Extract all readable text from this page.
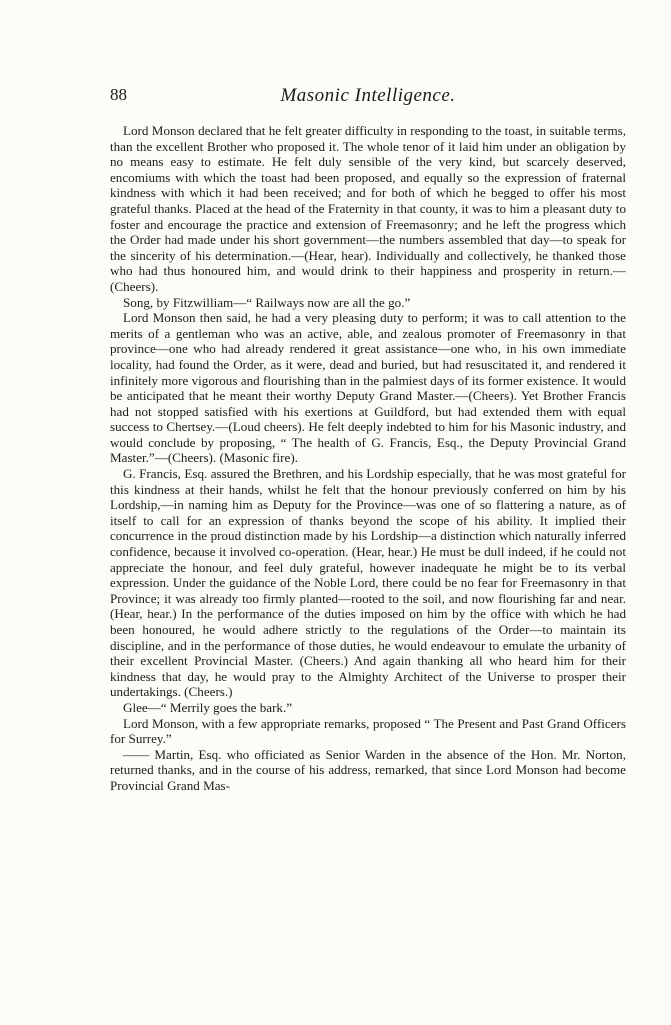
88	Masonic Intelligence.

Lord Monson declared that he felt greater difficulty in responding to the toast, in suitable terms, than the excellent Brother who proposed it. The whole tenor of it laid him under an obligation by no means easy to estimate. He felt duly sensible of the very kind, but scarcely deserved, encomiums with which the toast had been proposed, and equally so the expression of fraternal kindness with which it had been received; and for both of which he begged to offer his most grateful thanks. Placed at the head of the Fraternity in that county, it was to him a pleasant duty to foster and encourage the practice and extension of Freemasonry; and he left the progress which the Order had made under his short government—the numbers assembled that day—to speak for the sincerity of his determination.—(Hear, hear). Individually and collectively, he thanked those who had thus honoured him, and would drink to their happiness and prosperity in return.—(Cheers).

Song, by Fitzwilliam—“ Railways now are all the go.”

Lord Monson then said, he had a very pleasing duty to perform; it was to call attention to the merits of a gentleman who was an active, able, and zealous promoter of Freemasonry in that province—one who had already rendered it great assistance—one who, in his own immediate locality, had found the Order, as it were, dead and buried, but had resuscitated it, and rendered it infinitely more vigorous and flourishing than in the palmiest days of its former existence. It would be anticipated that he meant their worthy Deputy Grand Master.—(Cheers). Yet Brother Francis had not stopped satisfied with his exertions at Guildford, but had extended them with equal success to Chertsey.—(Loud cheers). He felt deeply indebted to him for his Masonic industry, and would conclude by proposing, “ The health of G. Francis, Esq., the Deputy Provincial Grand Master.”—(Cheers). (Masonic fire).

G. Francis, Esq. assured the Brethren, and his Lordship especially, that he was most grateful for this kindness at their hands, whilst he felt that the honour previously conferred on him by his Lordship,—in naming him as Deputy for the Province—was one of so flattering a nature, as of itself to call for an expression of thanks beyond the scope of his ability. It implied their concurrence in the proud distinction made by his Lordship—a distinction which naturally inferred confidence, because it involved co-operation. (Hear, hear.) He must be dull indeed, if he could not appreciate the honour, and feel duly grateful, however inadequate he might be to its verbal expression. Under the guidance of the Noble Lord, there could be no fear for Freemasonry in that Province; it was already too firmly planted—rooted to the soil, and now flourishing far and near. (Hear, hear.) In the performance of the duties imposed on him by the office with which he had been honoured, he would adhere strictly to the regulations of the Order—to maintain its discipline, and in the performance of those duties, he would endeavour to emulate the urbanity of their excellent Provincial Master. (Cheers.) And again thanking all who heard him for their kindness that day, he would pray to the Almighty Architect of the Universe to prosper their undertakings. (Cheers.)

Glee—“ Merrily goes the bark.”

Lord Monson, with a few appropriate remarks, proposed “ The Present and Past Grand Officers for Surrey.”

—— Martin, Esq. who officiated as Senior Warden in the absence of the Hon. Mr. Norton, returned thanks, and in the course of his address, remarked, that since Lord Monson had become Provincial Grand Mas-
